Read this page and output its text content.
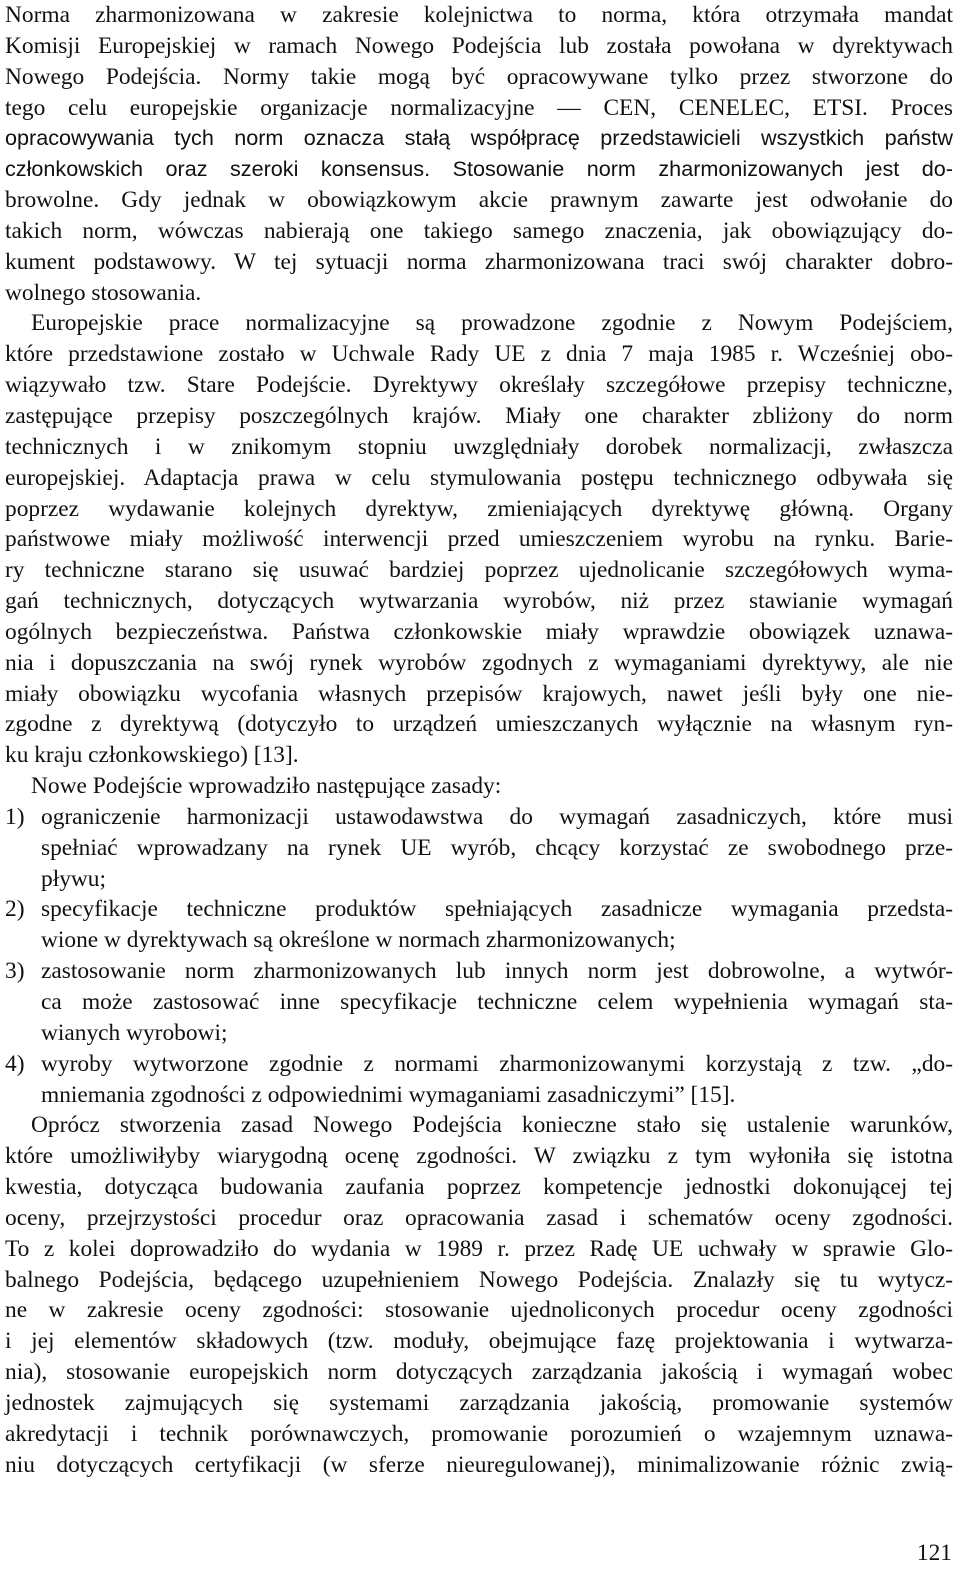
Norma zharmonizowana w zakresie kolejnictwa to norma, która otrzymała mandat
Komisji Europejskiej w ramach Nowego Podejścia lub została powołana w dyrektywach
Nowego Podejścia. Normy takie mogą być opracowywane tylko przez stworzone do
tego celu europejskie organizacje normalizacyjne — CEN, CENELEC, ETSI. Proces
opracowywania tych norm oznacza stałą współpracę przedstawicieli wszystkich państw
członkowskich oraz szeroki konsensus. Stosowanie norm zharmonizowanych jest do-
browolne. Gdy jednak w obowiązkowym akcie prawnym zawarte jest odwołanie do
takich norm, wówczas nabierają one takiego samego znaczenia, jak obowiązujący do-
kument podstawowy. W tej sytuacji norma zharmonizowana traci swój charakter dobro-
wolnego stosowania.
Europejskie prace normalizacyjne są prowadzone zgodnie z Nowym Podejściem,
które przedstawione zostało w Uchwale Rady UE z dnia 7 maja 1985 r. Wcześniej obo-
wiązywało tzw. Stare Podejście. Dyrektywy określały szczegółowe przepisy techniczne,
zastępujące przepisy poszczególnych krajów. Miały one charakter zbliżony do norm
technicznych i w znikomym stopniu uwzględniały dorobek normalizacji, zwłaszcza
europejskiej. Adaptacja prawa w celu stymulowania postępu technicznego odbywała się
poprzez wydawanie kolejnych dyrektyw, zmieniających dyrektywę główną. Organy
państwowe miały możliwość interwencji przed umieszczeniem wyrobu na rynku. Barie-
ry techniczne starano się usuwać bardziej poprzez ujednolicanie szczegółowych wyma-
gań technicznych, dotyczących wytwarzania wyrobów, niż przez stawianie wymagań
ogólnych bezpieczeństwa. Państwa członkowskie miały wprawdzie obowiązek uznawa-
nia i dopuszczania na swój rynek wyrobów zgodnych z wymaganiami dyrektywy, ale nie
miały obowiązku wycofania własnych przepisów krajowych, nawet jeśli były one nie-
zgodne z dyrektywą (dotyczyło to urządzeń umieszczanych wyłącznie na własnym ryn-
ku kraju członkowskiego) [13].
Nowe Podejście wprowadziło następujące zasady:
1) ograniczenie harmonizacji ustawodawstwa do wymagań zasadniczych, które musi
spełniać wprowadzany na rynek UE wyrób, chcący korzystać ze swobodnego prze-
pływu;
2) specyfikacje techniczne produktów spełniających zasadnicze wymagania przedsta-
wione w dyrektywach są określone w normach zharmonizowanych;
3) zastosowanie norm zharmonizowanych lub innych norm jest dobrowolne, a wytwór-
ca może zastosować inne specyfikacje techniczne celem wypełnienia wymagań sta-
wianych wyrobowi;
4) wyroby wytworzone zgodnie z normami zharmonizowanymi korzystają z tzw. „do-
mniemania zgodności z odpowiednimi wymaganiami zasadniczymi” [15].
Oprócz stworzenia zasad Nowego Podejścia konieczne stało się ustalenie warunków,
które umożliwiłyby wiarygodną ocenę zgodności. W związku z tym wyłoniła się istotna
kwestia, dotycząca budowania zaufania poprzez kompetencje jednostki dokonującej tej
oceny, przejrzystości procedur oraz opracowania zasad i schematów oceny zgodności.
To z kolei doprowadziło do wydania w 1989 r. przez Radę UE uchwały w sprawie Glo-
balnego Podejścia, będącego uzupełnieniem Nowego Podejścia. Znalazły się tu wytycz-
ne w zakresie oceny zgodności: stosowanie ujednoliconych procedur oceny zgodności
i jej elementów składowych (tzw. moduły, obejmujące fazę projektowania i wytwarza-
nia), stosowanie europejskich norm dotyczących zarządzania jakością i wymagań wobec
jednostek zajmujących się systemami zarządzania jakością, promowanie systemów
akredytacji i technik porównawczych, promowanie porozumień o wzajemnym uznawa-
niu dotyczących certyfikacji (w sferze nieuregulowanej), minimalizowanie różnic zwią-
121
